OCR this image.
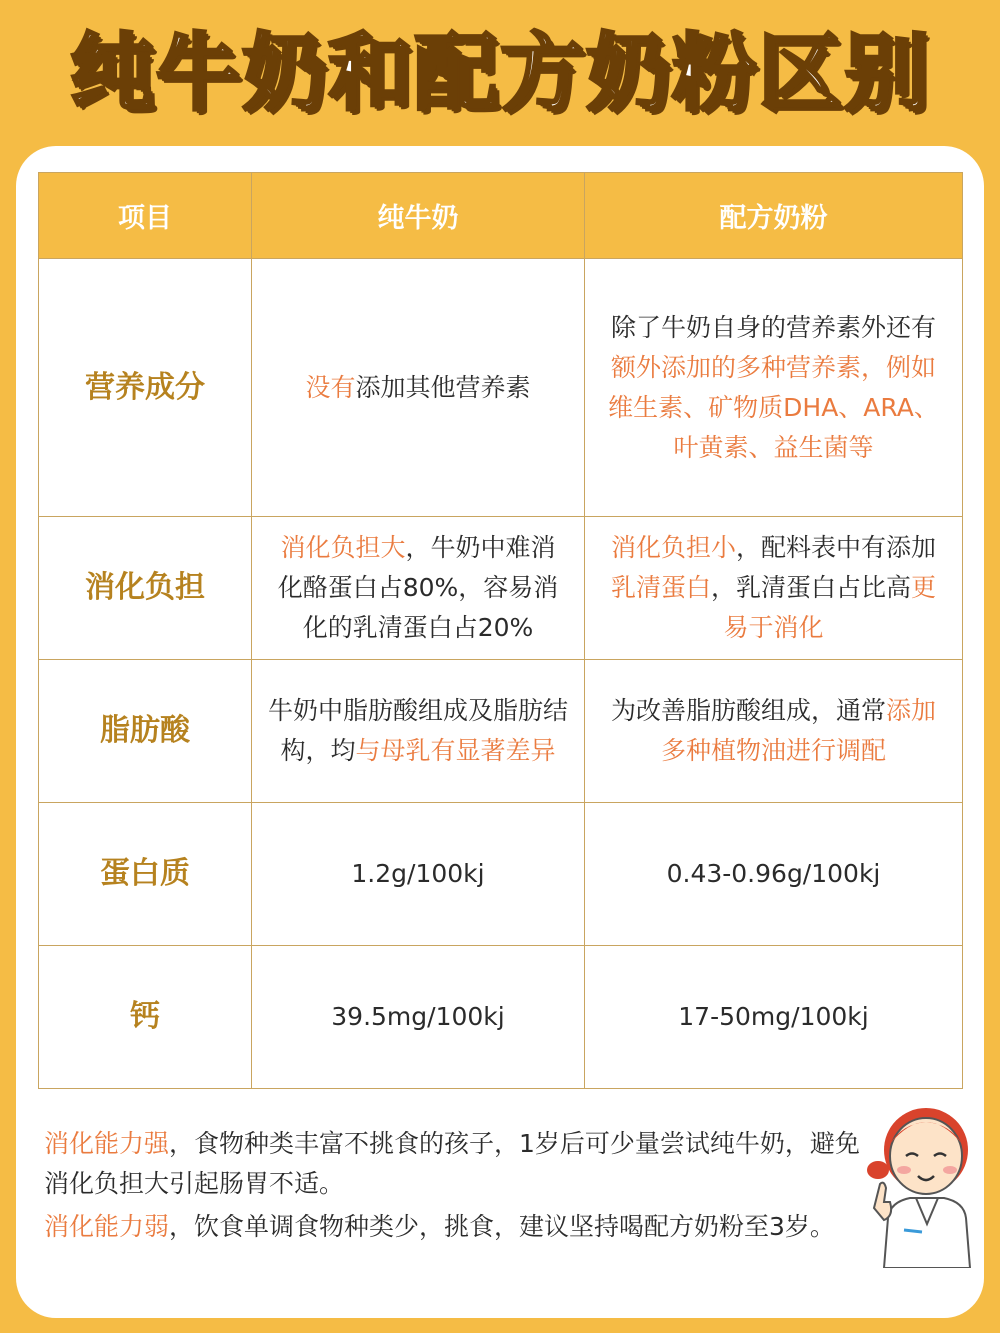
纯牛奶和配方奶粉区别
项目	纯牛奶	配方奶粉
营养成分	没有添加其他营养素	除了牛奶自身的营养素外还有额外添加的多种营养素，例如维生素、矿物质DHA、ARA、叶黄素、益生菌等
消化负担	消化负担大，牛奶中难消化酪蛋白占80%，容易消化的乳清蛋白占20%	消化负担小，配料表中有添加乳清蛋白，乳清蛋白占比高更易于消化
脂肪酸	牛奶中脂肪酸组成及脂肪结构，均与母乳有显著差异	为改善脂肪酸组成，通常添加多种植物油进行调配
蛋白质	1.2g/100kj	0.43-0.96g/100kj
钙	39.5mg/100kj	17-50mg/100kj

消化能力强，食物种类丰富不挑食的孩子，1岁后可少量尝试纯牛奶，避免消化负担大引起肠胃不适。

消化能力弱，饮食单调食物种类少，挑食，建议坚持喝配方奶粉至3岁。
